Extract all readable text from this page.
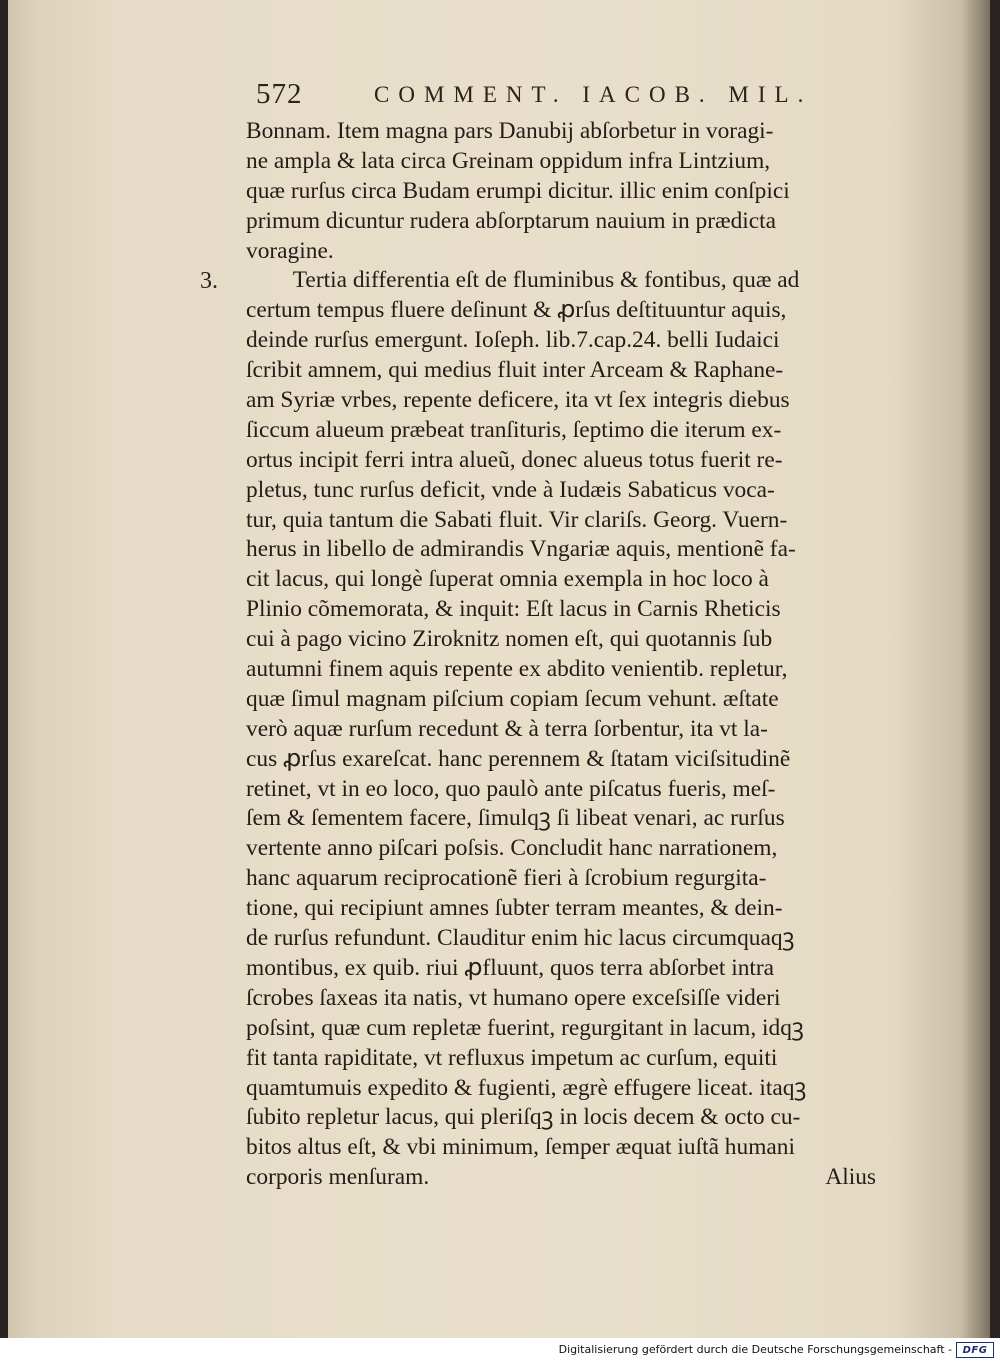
572	COMMENT. IACOB. MIL.
3.
Bonnam. Item magna pars Danubij abſorbetur in voragi-
ne ampla & lata circa Greinam oppidum infra Lintzium,
quæ rurſus circa Budam erumpi dicitur. illic enim conſpici
primum dicuntur rudera abſorptarum nauium in prædicta
voragine.
  Tertia differentia eſt de fluminibus & fontibus, quæ ad
certum tempus fluere deſinunt & ꝓrſus deſtituuntur aquis,
deinde rurſus emergunt. Ioſeph. lib.7.cap.24. belli Iudaici
ſcribit amnem, qui medius fluit inter Arceam & Raphane-
am Syriæ vrbes, repente deficere, ita vt ſex integris diebus
ſiccum alueum præbeat tranſituris, ſeptimo die iterum ex-
ortus incipit ferri intra alueũ, donec alueus totus fuerit re-
pletus, tunc rurſus deficit, vnde à Iudæis Sabaticus voca-
tur, quia tantum die Sabati fluit. Vir clariſs. Georg. Vuern-
herus in libello de admirandis Vngariæ aquis, mentionẽ fa-
cit lacus, qui longè ſuperat omnia exempla in hoc loco à
Plinio cõmemorata, & inquit: Eſt lacus in Carnis Rheticis
cui à pago vicino Ziroknitz nomen eſt, qui quotannis ſub
autumni finem aquis repente ex abdito venientib. repletur,
quæ ſimul magnam piſcium copiam ſecum vehunt. æſtate
verò aquæ rurſum recedunt & à terra ſorbentur, ita vt la-
cus ꝓrſus exareſcat. hanc perennem & ſtatam viciſsitudinẽ
retinet, vt in eo loco, quo paulò ante piſcatus fueris, meſ-
ſem & ſementem facere, ſimulqꝫ ſi libeat venari, ac rurſus
vertente anno piſcari poſsis. Concludit hanc narrationem,
hanc aquarum reciprocationẽ fieri à ſcrobium regurgita-
tione, qui recipiunt amnes ſubter terram meantes, & dein-
de rurſus refundunt. Clauditur enim hic lacus circumquaqꝫ
montibus, ex quib. riui ꝓfluunt, quos terra abſorbet intra
ſcrobes ſaxeas ita natis, vt humano opere exceſsiſſe videri
poſsint, quæ cum repletæ fuerint, regurgitant in lacum, idqꝫ
fit tanta rapiditate, vt refluxus impetum ac curſum, equiti
quamtumuis expedito & fugienti, ægrè effugere liceat. itaqꝫ
ſubito repletur lacus, qui pleriſqꝫ in locis decem & octo cu-
bitos altus eſt, & vbi minimum, ſemper æquat iuſtã humani
corporis menſuram.	Alius
Digitalisierung gefördert durch die Deutsche Forschungsgemeinschaft - DFG
